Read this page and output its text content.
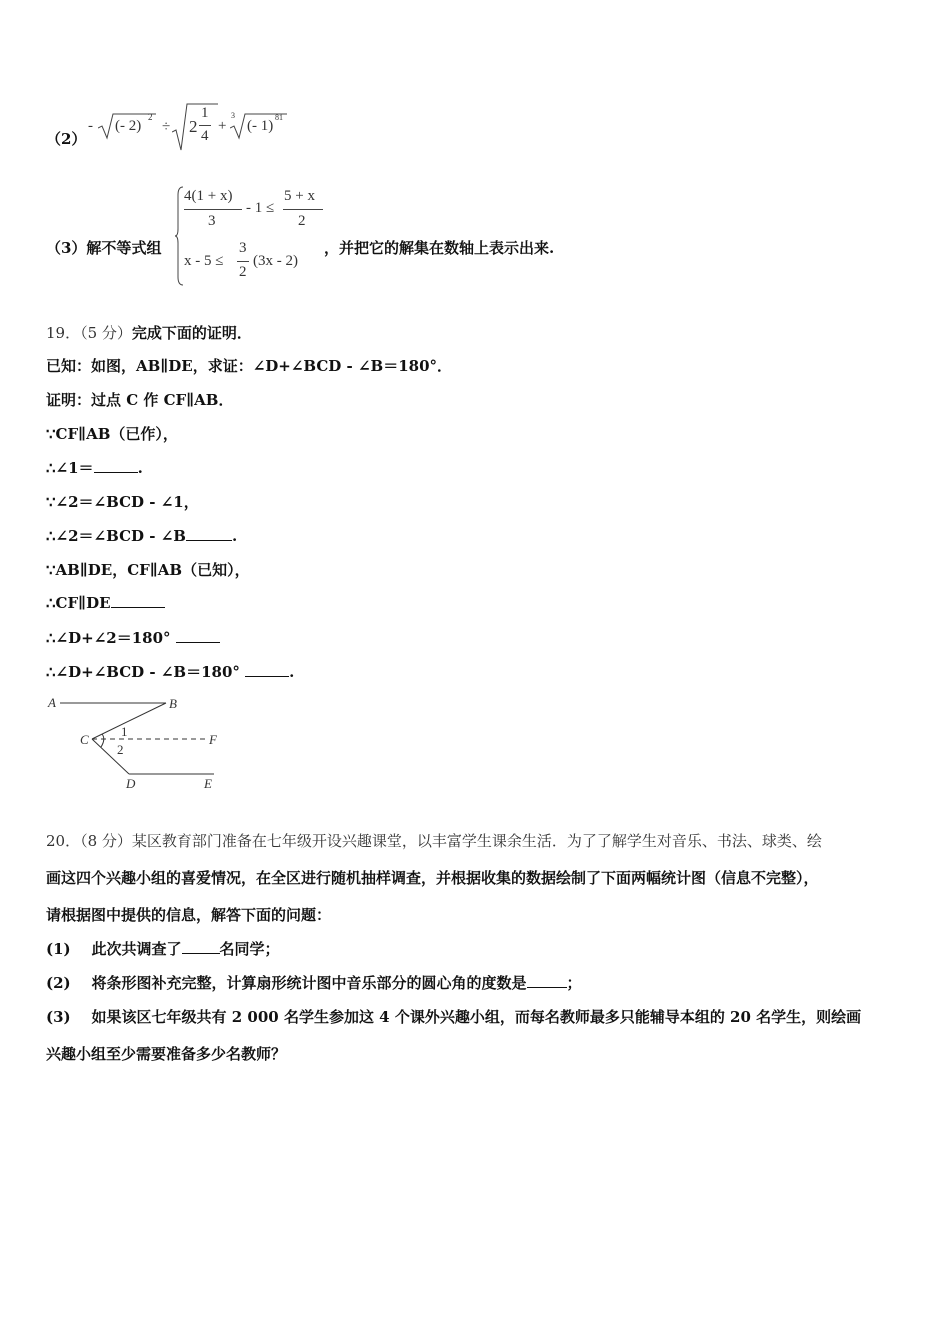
（2）
- (- 2)
2
÷ 2
1
4
+
3
(- 1)
81
（3）解不等式组
4(1 + x)
3
- 1 ≤
5 + x
2
x - 5 ≤
3
2
(3x - 2)
，并把它的解集在数轴上表示出来.
19．（5 分）完成下面的证明．
已知：如图，AB∥DE，求证：∠D+∠BCD - ∠B＝180°．
证明：过点 C 作 CF∥AB．
∵CF∥AB（已作），
∴∠1＝	.
∵∠2＝∠BCD - ∠1，
∴∠2＝∠BCD - ∠B	.
∵AB∥DE，CF∥AB（已知），
∴CF∥DE
∴∠D+∠2＝180°
∴∠D+∠BCD - ∠B＝180°	.
A	B
C	F
D	E
1
2
20．（8 分）某区教育部门准备在七年级开设兴趣课堂，以丰富学生课余生活．为了了解学生对音乐、书法、球类、绘
画这四个兴趣小组的喜爱情况，在全区进行随机抽样调查，并根据收集的数据绘制了下面两幅统计图（信息不完整），
请根据图中提供的信息，解答下面的问题：
(1) 此次共调查了	名同学；
(2) 将条形图补充完整，计算扇形统计图中音乐部分的圆心角的度数是	；
(3) 如果该区七年级共有 2 000 名学生参加这 4 个课外兴趣小组，而每名教师最多只能辅导本组的 20 名学生，则绘画
兴趣小组至少需要准备多少名教师？
